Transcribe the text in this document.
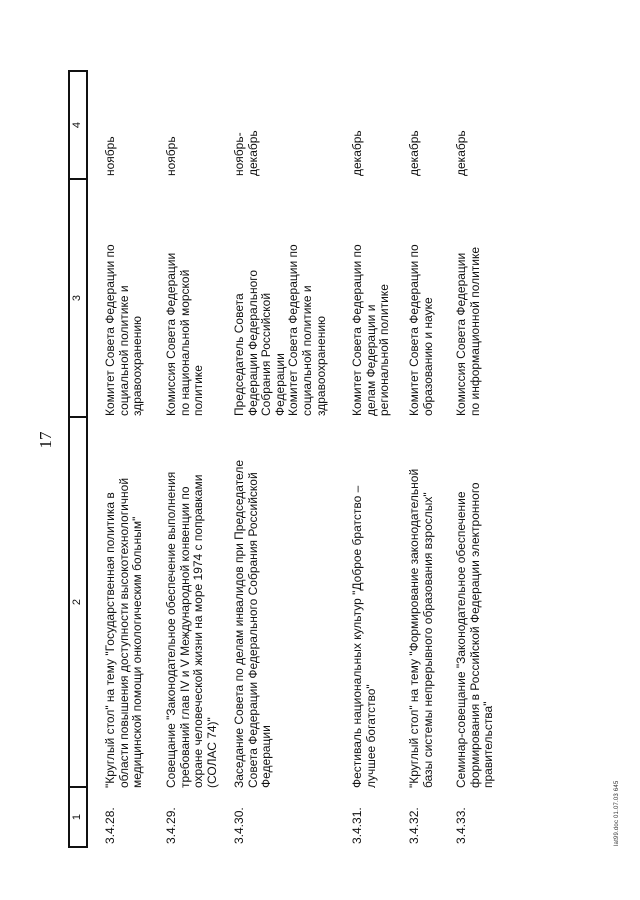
17
1
2
3
4
3.4.28.
"Круглый стол" на тему "Государственная политика в
области повышения доступности высокотехнологичной
медицинской помощи онкологическим больным"
Комитет Совета Федерации по
социальной политике и
здравоохранению
ноябрь
3.4.29.
Совещание "Законодательное обеспечение выполнения
требований глав IV и V Международной конвенции по
охране человеческой жизни на море 1974 с поправками
(СОЛАС 74)"
Комиссия Совета Федерации
по национальной морской
политике
ноябрь
3.4.30.
Заседание Совета по делам инвалидов при Председателе
Совета Федерации Федерального Собрания Российской
Федерации
Председатель Совета
Федерации Федерального
Собрания Российской
Федерации
Комитет Совета Федерации по
социальной политике и
здравоохранению
ноябрь-
декабрь
3.4.31.
Фестиваль национальных культур "Доброе братство –
лучшее богатство"
Комитет Совета Федерации по
делам Федерации и
региональной политике
декабрь
3.4.32.
"Круглый стол" на тему "Формирование законодательной
базы системы непрерывного образования взрослых"
Комитет Совета Федерации по
образованию и науке
декабрь
3.4.33.
Семинар-совещание "Законодательное обеспечение
формирования в Российской Федерации электронного
правительства"
Комиссия Совета Федерации
по информационной политике
декабрь
lat99.doc 01.07.03 645
